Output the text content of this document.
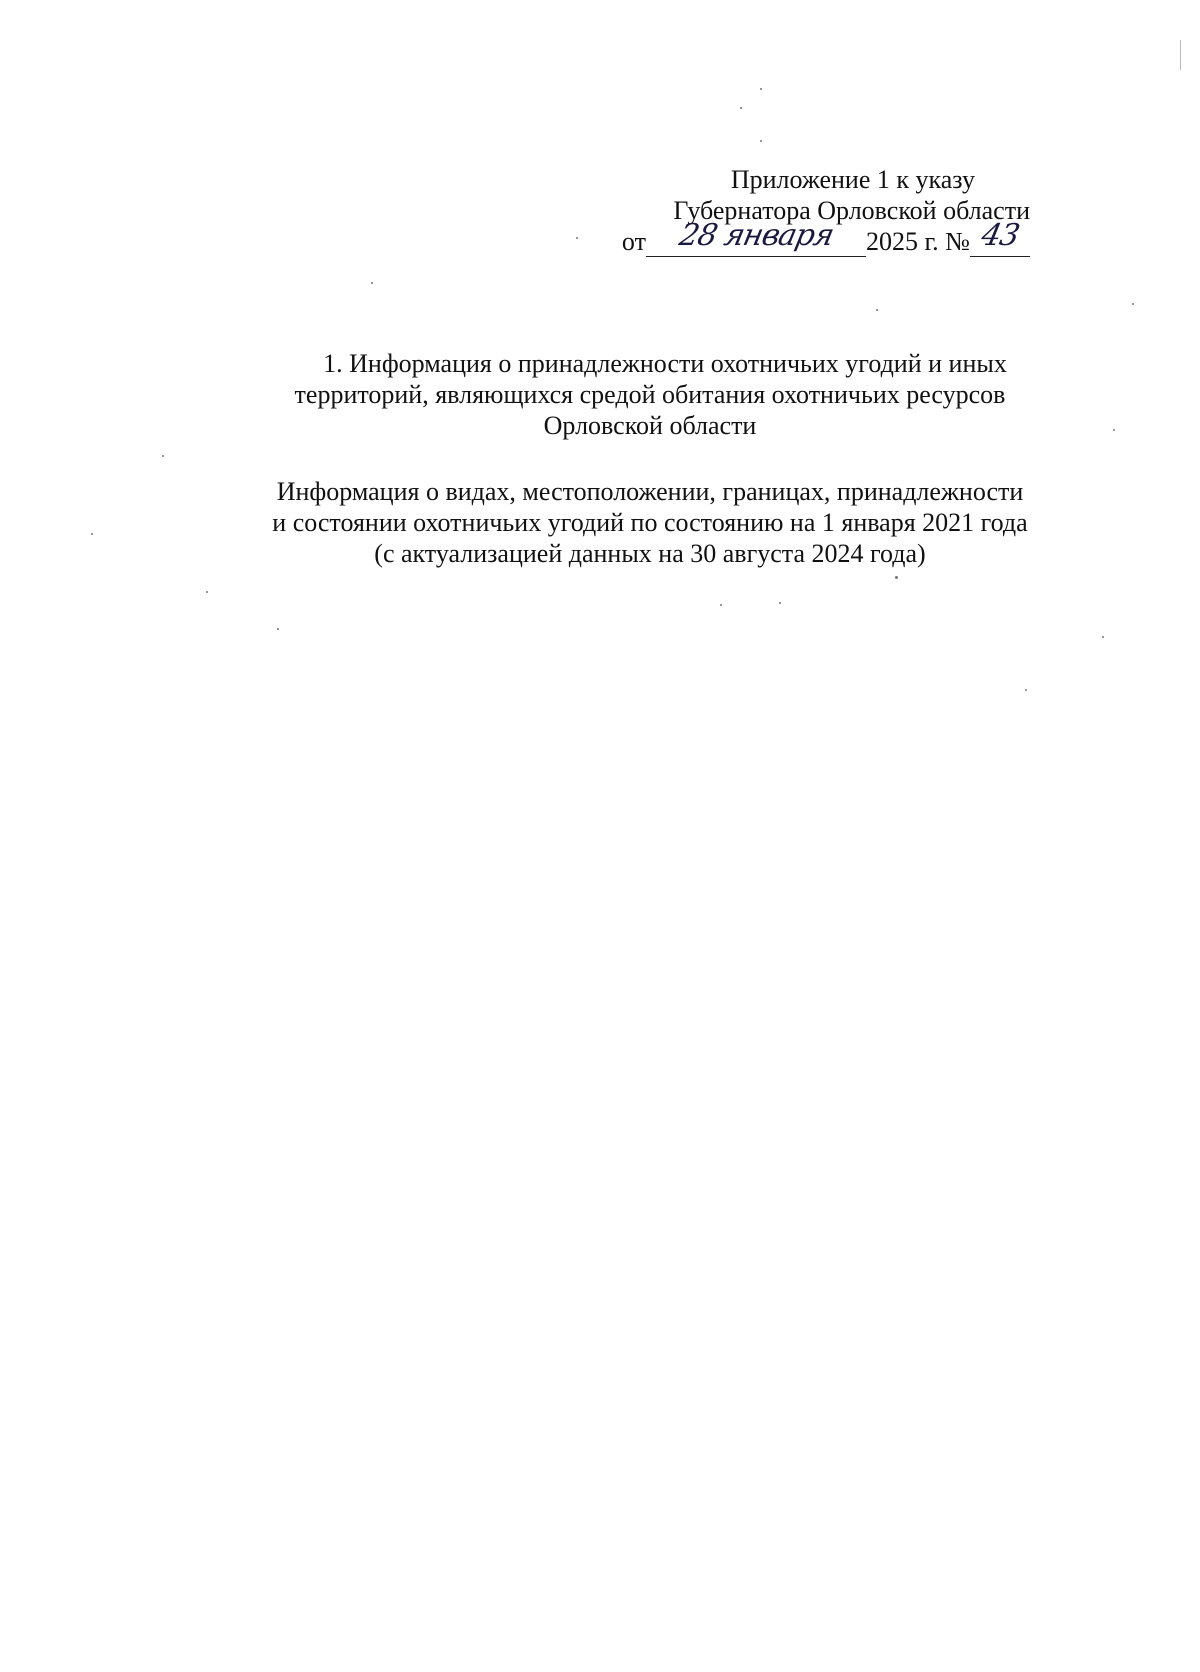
Приложение 1 к указу
Губернатора Орловской области
от 28 января	2025 г. № 43
1. Информация о принадлежности охотничьих угодий и иных
территорий, являющихся средой обитания охотничьих ресурсов
Орловской области
Информация о видах, местоположении, границах, принадлежности
и состоянии охотничьих угодий по состоянию на 1 января 2021 года
(с актуализацией данных на 30 августа 2024 года)
